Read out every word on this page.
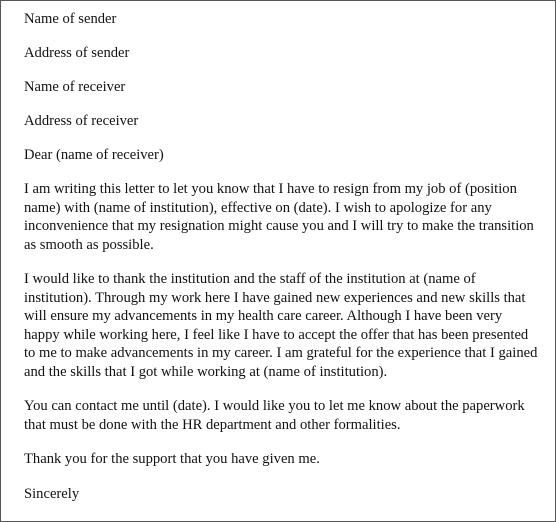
Name of sender

Address of sender

Name of receiver

Address of receiver

Dear (name of receiver)

I am writing this letter to let you know that I have to resign from my job of (position name) with (name of institution), effective on (date). I wish to apologize for any inconvenience that my resignation might cause you and I will try to make the transition as smooth as possible.

I would like to thank the institution and the staff of the institution at (name of institution). Through my work here I have gained new experiences and new skills that will ensure my advancements in my health care career. Although I have been very happy while working here, I feel like I have to accept the offer that has been presented to me to make advancements in my career. I am grateful for the experience that I gained and the skills that I got while working at (name of institution).

You can contact me until (date). I would like you to let me know about the paperwork that must be done with the HR department and other formalities.

Thank you for the support that you have given me.

Sincerely
